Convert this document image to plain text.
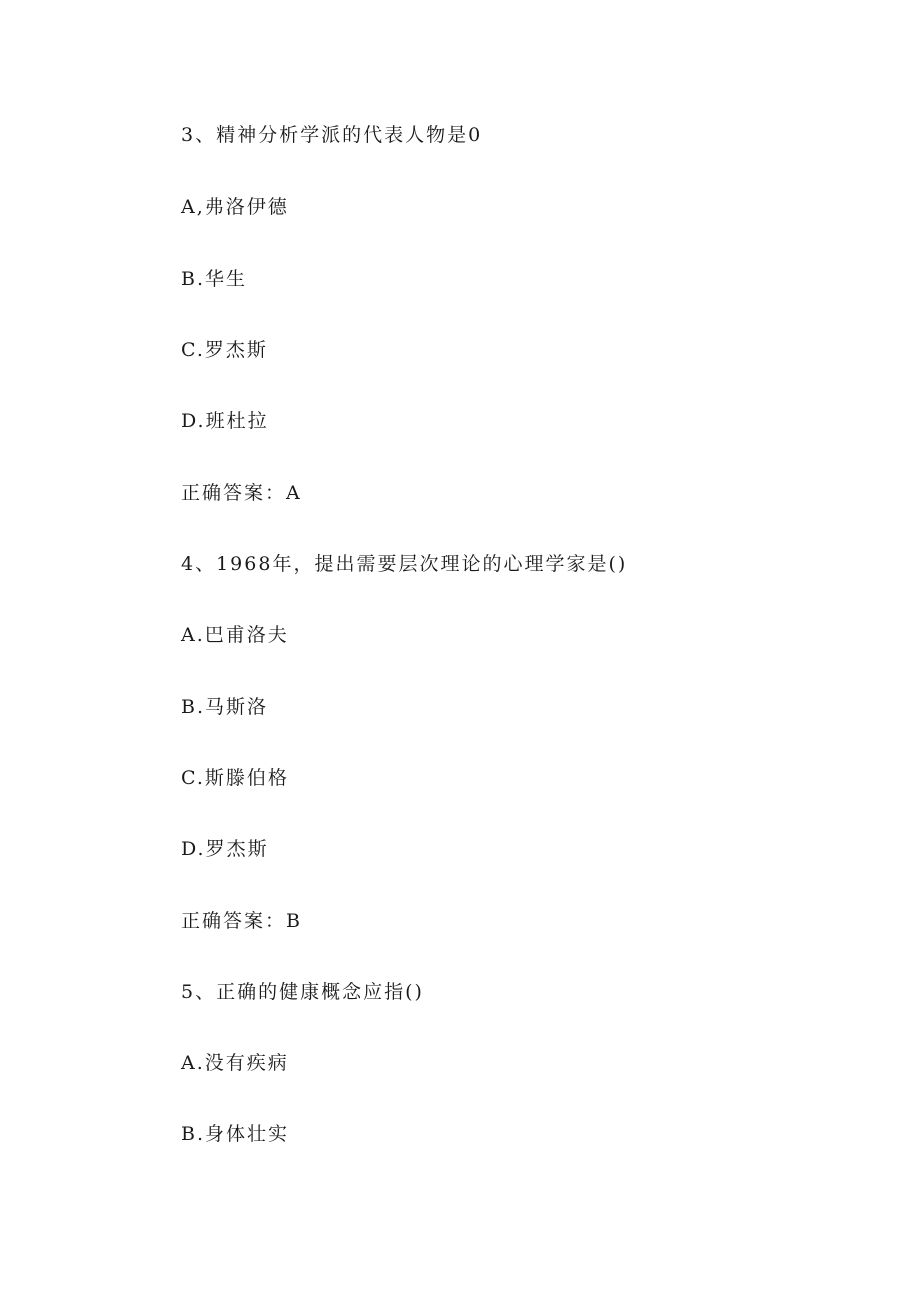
3、精神分析学派的代表人物是0
A,弗洛伊德
B.华生
C.罗杰斯
D.班杜拉
正确答案：A
4、1968年，提出需要层次理论的心理学家是()
A.巴甫洛夫
B.马斯洛
C.斯滕伯格
D.罗杰斯
正确答案：B
5、正确的健康概念应指()
A.没有疾病
B.身体壮实
